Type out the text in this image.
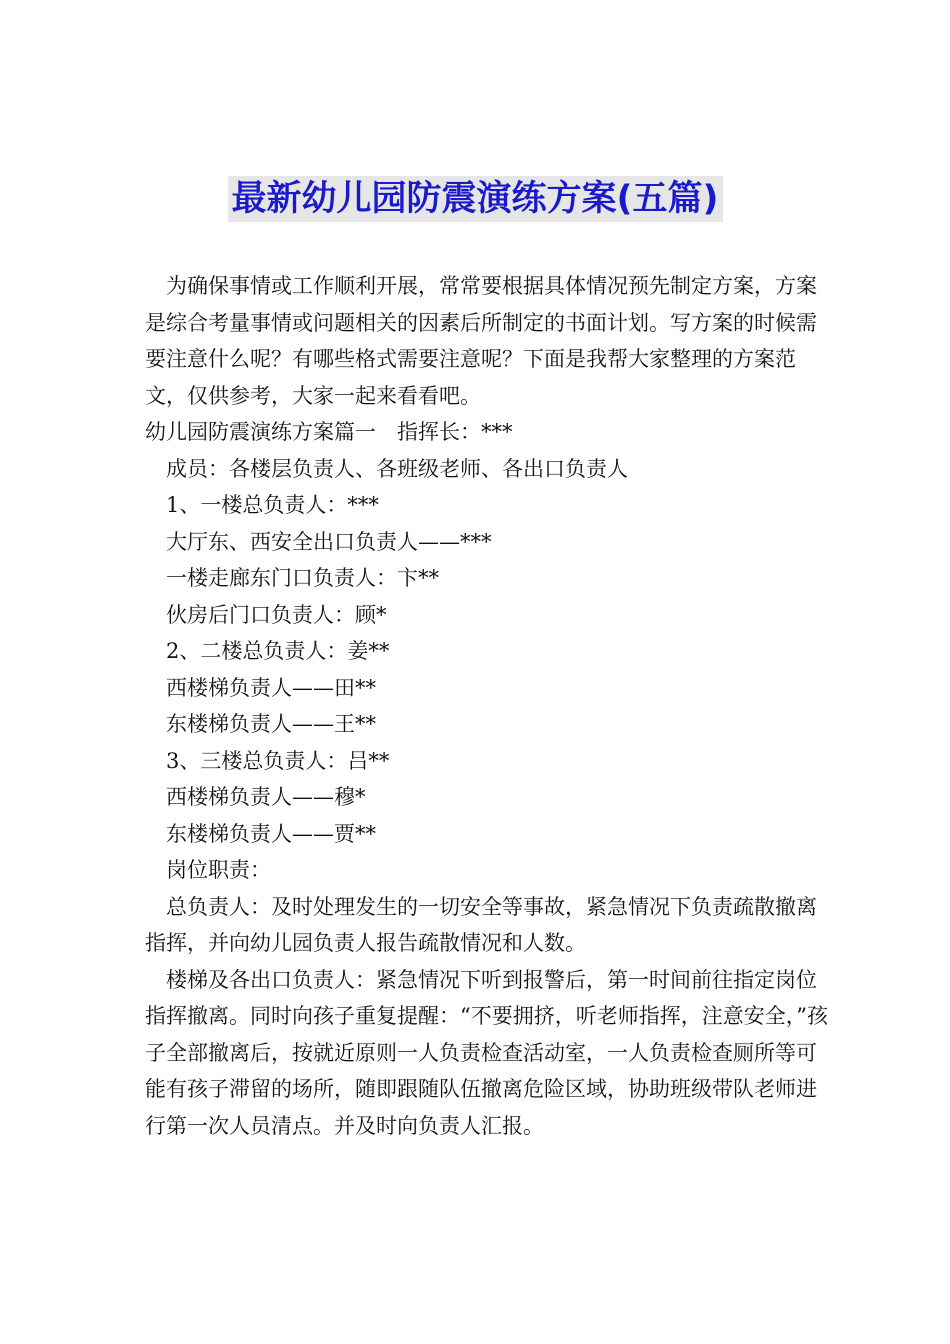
最新幼儿园防震演练方案(五篇)

为确保事情或工作顺利开展，常常要根据具体情况预先制定方案，方案是综合考量事情或问题相关的因素后所制定的书面计划。写方案的时候需要注意什么呢？有哪些格式需要注意呢？下面是我帮大家整理的方案范文，仅供参考，大家一起来看看吧。

幼儿园防震演练方案篇一　指挥长：***

成员：各楼层负责人、各班级老师、各出口负责人

1、一楼总负责人：***

大厅东、西安全出口负责人——***

一楼走廊东门口负责人：卞**

伙房后门口负责人：顾*

2、二楼总负责人：姜**

西楼梯负责人——田**

东楼梯负责人——王**

3、三楼总负责人：吕**

西楼梯负责人——穆*

东楼梯负责人——贾**

岗位职责：

总负责人：及时处理发生的一切安全等事故，紧急情况下负责疏散撤离指挥，并向幼儿园负责人报告疏散情况和人数。

楼梯及各出口负责人：紧急情况下听到报警后，第一时间前往指定岗位指挥撤离。同时向孩子重复提醒：“不要拥挤，听老师指挥，注意安全，”孩子全部撤离后，按就近原则一人负责检查活动室，一人负责检查厕所等可能有孩子滞留的场所，随即跟随队伍撤离危险区域，协助班级带队老师进行第一次人员清点。并及时向负责人汇报。
